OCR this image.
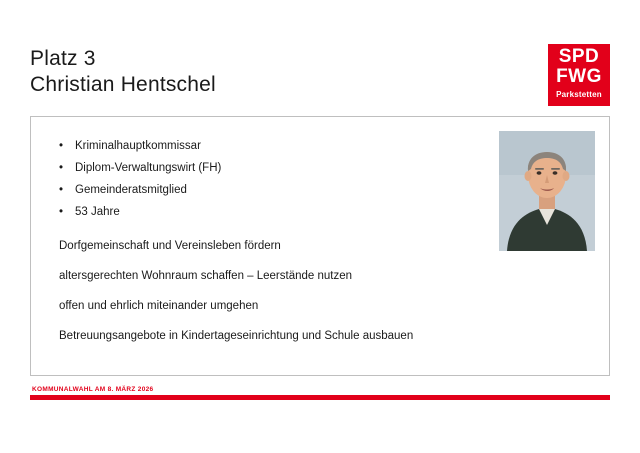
Platz 3
Christian Hentschel
SPD
FWG
Parkstetten
•	Kriminalhauptkommissar
•	Diplom-Verwaltungswirt (FH)
•	Gemeinderatsmitglied
•	53 Jahre
Dorfgemeinschaft und Vereinsleben fördern
altersgerechten Wohnraum schaffen – Leerstände nutzen
offen und ehrlich miteinander umgehen
Betreuungsangebote in Kindertageseinrichtung und Schule ausbauen
KOMMUNALWAHL AM 8. MÄRZ 2026
